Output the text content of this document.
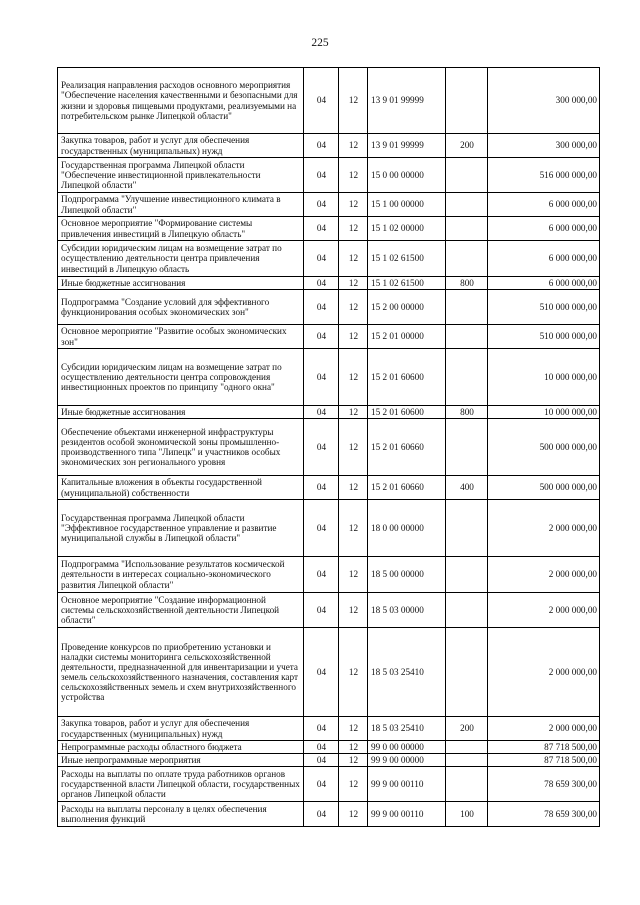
225
Реализация направления расходов основного мероприятия "Обеспечение населения качественными и безопасными для жизни и здоровья пищевыми продуктами, реализуемыми на потребительском рынке Липецкой области"	04	12	13 9 01 99999		300 000,00
Закупка товаров, работ и услуг для обеспечения государственных (муниципальных) нужд	04	12	13 9 01 99999	200	300 000,00
Государственная программа Липецкой области "Обеспечение инвестиционной привлекательности Липецкой области"	04	12	15 0 00 00000		516 000 000,00
Подпрограмма "Улучшение инвестиционного климата в Липецкой области"	04	12	15 1 00 00000		6 000 000,00
Основное мероприятие "Формирование системы привлечения инвестиций в Липецкую область"	04	12	15 1 02 00000		6 000 000,00
Субсидии юридическим лицам на возмещение затрат по осуществлению деятельности центра привлечения инвестиций в Липецкую область	04	12	15 1 02 61500		6 000 000,00
Иные бюджетные ассигнования	04	12	15 1 02 61500	800	6 000 000,00
Подпрограмма "Создание условий для эффективного функционирования особых экономических зон"	04	12	15 2 00 00000		510 000 000,00
Основное мероприятие "Развитие особых экономических зон"	04	12	15 2 01 00000		510 000 000,00
Субсидии юридическим лицам на возмещение затрат по осуществлению деятельности центра сопровождения инвестиционных проектов по принципу "одного окна"	04	12	15 2 01 60600		10 000 000,00
Иные бюджетные ассигнования	04	12	15 2 01 60600	800	10 000 000,00
Обеспечение объектами инженерной инфраструктуры резидентов особой экономической зоны промышленно-производственного типа "Липецк" и участников особых экономических зон регионального уровня	04	12	15 2 01 60660		500 000 000,00
Капитальные вложения в объекты государственной (муниципальной) собственности	04	12	15 2 01 60660	400	500 000 000,00
Государственная программа Липецкой области "Эффективное государственное управление и развитие муниципальной службы в Липецкой области"	04	12	18 0 00 00000		2 000 000,00
Подпрограмма "Использование результатов космической деятельности в интересах социально-экономического развития Липецкой области"	04	12	18 5 00 00000		2 000 000,00
Основное мероприятие "Создание информационной системы сельскохозяйственной деятельности Липецкой области"	04	12	18 5 03 00000		2 000 000,00
Проведение конкурсов по приобретению установки и наладки системы мониторинга сельскохозяйственной деятельности, предназначенной для инвентаризации и учета земель сельскохозяйственного назначения, составления карт сельскохозяйственных земель и схем внутрихозяйственного устройства	04	12	18 5 03 25410		2 000 000,00
Закупка товаров, работ и услуг для обеспечения государственных (муниципальных) нужд	04	12	18 5 03 25410	200	2 000 000,00
Непрограммные расходы областного бюджета	04	12	99 0 00 00000		87 718 500,00
Иные непрограммные мероприятия	04	12	99 9 00 00000		87 718 500,00
Расходы на выплаты по оплате труда работников органов государственной власти Липецкой области, государственных органов Липецкой области	04	12	99 9 00 00110		78 659 300,00
Расходы на выплаты персоналу в целях обеспечения выполнения функций	04	12	99 9 00 00110	100	78 659 300,00
